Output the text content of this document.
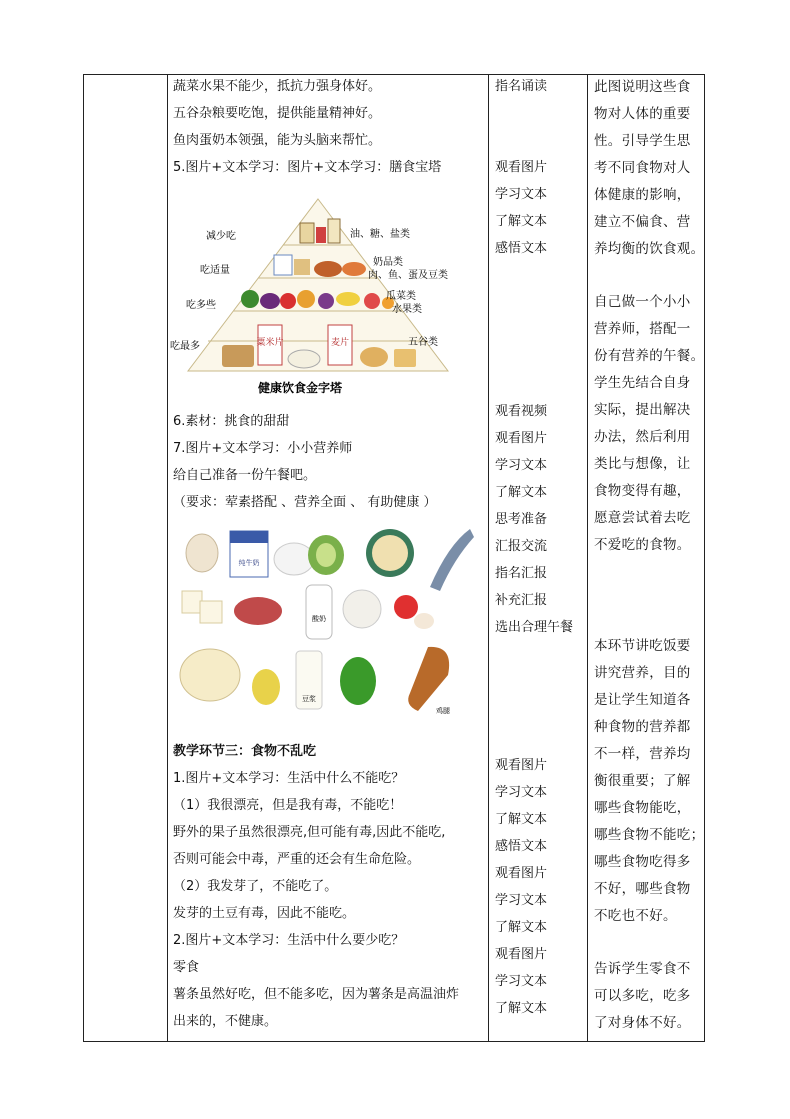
蔬菜水果不能少，抵抗力强身体好。
五谷杂粮要吃饱，提供能量精神好。
鱼肉蛋奶本领强，能为头脑来帮忙。
5.图片+文本学习：图片+文本学习：膳食宝塔
粟米片	麦片
减少吃
吃适量
吃多些
吃最多
油、糖、盐类
奶品类
肉、鱼、蛋及豆类
瓜菜类
水果类
五谷类
健康饮食金字塔
6.素材：挑食的甜甜
7.图片+文本学习：小小营养师
给自己准备一份午餐吧。
（要求：荤素搭配 、营养全面 、 有助健康 ）
纯牛奶
酸奶
豆浆
鸡腿
教学环节三：食物不乱吃
1.图片+文本学习：生活中什么不能吃？
（1）我很漂亮，但是我有毒，不能吃！
野外的果子虽然很漂亮,但可能有毒,因此不能吃,
否则可能会中毒，严重的还会有生命危险。
（2）我发芽了，不能吃了。
发芽的土豆有毒，因此不能吃。
2.图片+文本学习：生活中什么要少吃？
零食
薯条虽然好吃，但不能多吃，因为薯条是高温油炸
出来的，不健康。
指名诵读
观看图片
学习文本
了解文本
感悟文本
观看视频
观看图片
学习文本
了解文本
思考准备
汇报交流
指名汇报
补充汇报
选出合理午餐
观看图片
学习文本
了解文本
感悟文本
观看图片
学习文本
了解文本
观看图片
学习文本
了解文本
此图说明这些食
物对人体的重要
性。引导学生思
考不同食物对人
体健康的影响，
建立不偏食、营
养均衡的饮食观。
自己做一个小小
营养师，搭配一
份有营养的午餐。
学生先结合自身
实际，提出解决
办法，然后利用
类比与想像，让
食物变得有趣，
愿意尝试着去吃
不爱吃的食物。
本环节讲吃饭要
讲究营养，目的
是让学生知道各
种食物的营养都
不一样，营养均
衡很重要；了解
哪些食物能吃，
哪些食物不能吃；
哪些食物吃得多
不好，哪些食物
不吃也不好。
告诉学生零食不
可以多吃，吃多
了对身体不好。
